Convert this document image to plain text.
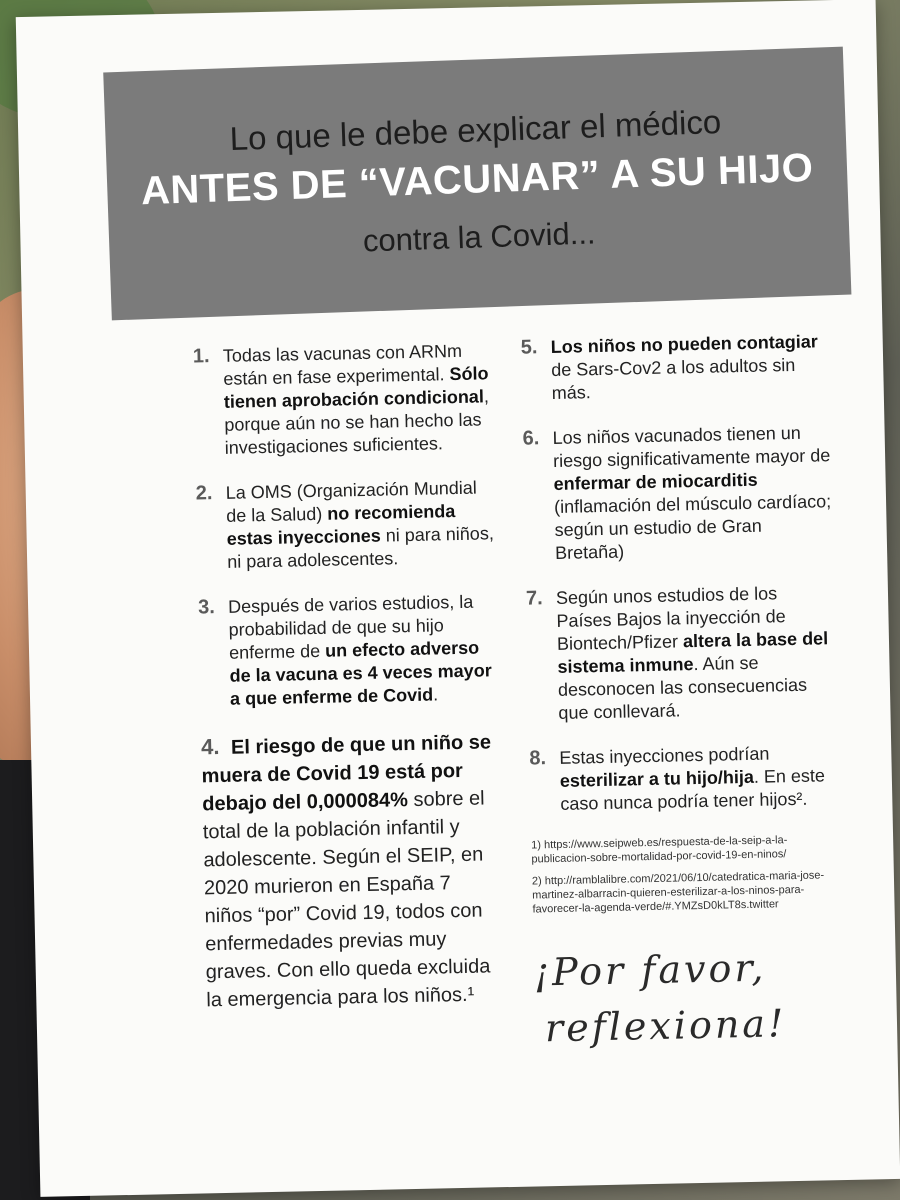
Lo que le debe explicar el médico
ANTES DE “VACUNAR” A SU HIJO
contra la Covid...
1. Todas las vacunas con ARNm están en fase experimental. Sólo tienen aprobación condicional, porque aún no se han hecho las investigaciones suficientes.

2. La OMS (Organización Mundial de la Salud) no recomienda estas inyecciones ni para niños, ni para adolescentes.

3. Después de varios estudios, la probabilidad de que su hijo enferme de un efecto adverso de la vacuna es 4 veces mayor a que enferme de Covid.

4. El riesgo de que un niño se muera de Covid 19 está por debajo del 0,000084% sobre el total de la población infantil y adolescente. Según el SEIP, en 2020 murieron en España 7 niños “por” Covid 19, todos con enfermedades previas muy graves. Con ello queda excluida la emergencia para los niños.¹

5. Los niños no pueden contagiar de Sars-Cov2 a los adultos sin más.

6. Los niños vacunados tienen un riesgo significativamente mayor de enfermar de miocarditis (inflamación del músculo cardíaco; según un estudio de Gran Bretaña)

7. Según unos estudios de los Países Bajos la inyección de Biontech/Pfizer altera la base del sistema inmune. Aún se desconocen las consecuencias que conllevará.

8. Estas inyecciones podrían esterilizar a tu hijo/hija. En este caso nunca podría tener hijos².

1) https://www.seipweb.es/respuesta-de-la-seip-a-la-publicacion-sobre-mortalidad-por-covid-19-en-ninos/
2) http://ramblalibre.com/2021/06/10/catedratica-maria-jose-martinez-albarracin-quieren-esterilizar-a-los-ninos-para-favorecer-la-agenda-verde/#.YMZsD0kLT8s.twitter
¡Por favor,
reflexiona!
